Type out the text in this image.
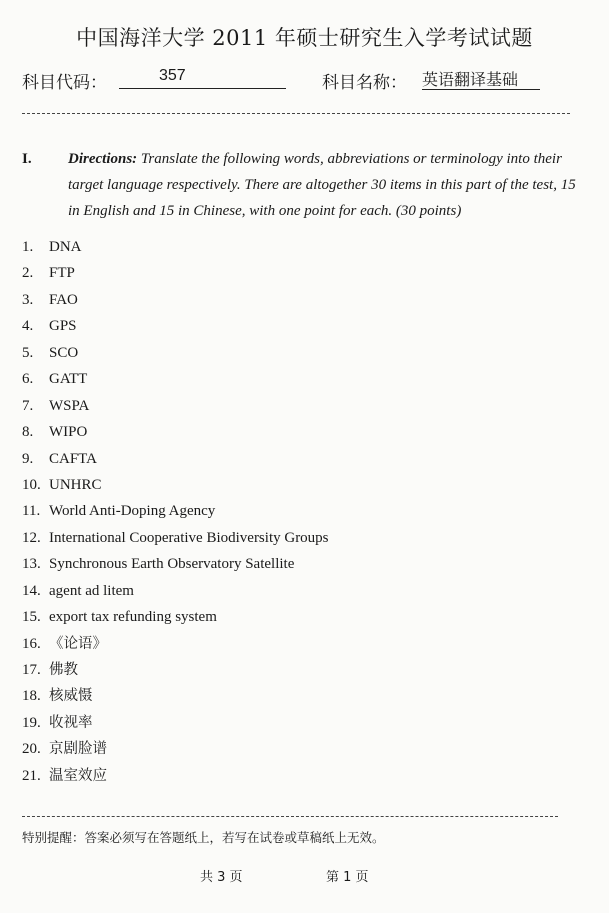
中国海洋大学 2011 年硕士研究生入学考试试题
科目代码：	357	科目名称： 英语翻译基础
I. Directions: Translate the following words, abbreviations or terminology into their target language respectively. There are altogether 30 items in this part of the test, 15 in English and 15 in Chinese, with one point for each. (30 points)
1. DNA
2. FTP
3. FAO
4. GPS
5. SCO
6. GATT
7. WSPA
8. WIPO
9. CAFTA
10. UNHRC
11. World Anti-Doping Agency
12. International Cooperative Biodiversity Groups
13. Synchronous Earth Observatory Satellite
14. agent ad litem
15. export tax refunding system
16. 《论语》
17. 佛教
18. 核威慑
19. 收视率
20. 京剧脸谱
21. 温室效应
特别提醒：答案必须写在答题纸上，若写在试卷或草稿纸上无效。
共 3 页	第 1 页
